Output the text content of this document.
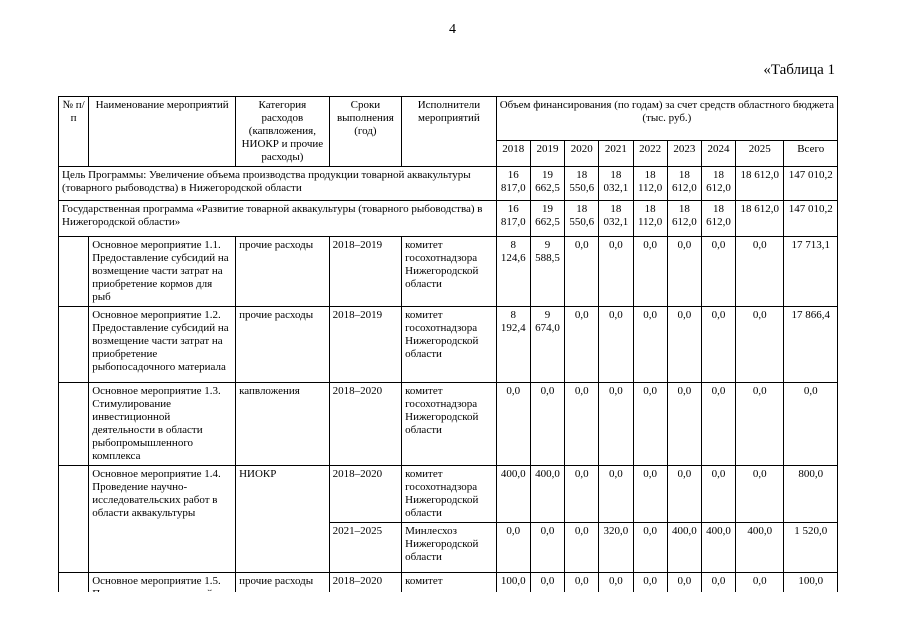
4
«Таблица 1
№ п/п	Наименование мероприятий	Категория расходов (капвложения, НИОКР и прочие расходы)	Сроки выполнения (год)	Исполнители мероприятий	Объем финансирования (по годам) за счет средств областного бюджета (тыс. руб.)								
					2018	2019	2020	2021	2022	2023	2024	2025	Всего
Цель Программы: Увеличение объема производства продукции товарной аквакультуры (товарного рыбоводства) в Нижегородской области					16 817,0	19 662,5	18 550,6	18 032,1	18 112,0	18 612,0	18 612,0	18 612,0	147 010,2
Государственная программа «Развитие товарной аквакультуры (товарного рыбоводства) в Нижегородской области»					16 817,0	19 662,5	18 550,6	18 032,1	18 112,0	18 612,0	18 612,0	18 612,0	147 010,2
	Основное мероприятие 1.1. Предоставление субсидий на возмещение части затрат на приобретение кормов для рыб	прочие расходы	2018–2019	комитет госохотнадзора Нижегородской области	8 124,6	9 588,5	0,0	0,0	0,0	0,0	0,0	0,0	17 713,1
	Основное мероприятие 1.2. Предоставление субсидий на возмещение части затрат на приобретение рыбопосадочного материала	прочие расходы	2018–2019	комитет госохотнадзора Нижегородской области	8 192,4	9 674,0	0,0	0,0	0,0	0,0	0,0	0,0	17 866,4
	Основное мероприятие 1.3. Стимулирование инвестиционной деятельности в области рыбопромышленного комплекса	капвложения	2018–2020	комитет госохотнадзора Нижегородской области	0,0	0,0	0,0	0,0	0,0	0,0	0,0	0,0	0,0
	Основное мероприятие 1.4. Проведение научно-исследовательских работ в области аквакультуры	НИОКР	2018–2020	комитет госохотнадзора Нижегородской области	400,0	400,0	0,0	0,0	0,0	0,0	0,0	0,0	800,0
			2021–2025	Минлесхоз Нижегородской области	0,0	0,0	0,0	320,0	0,0	400,0	400,0	400,0	1 520,0
	Основное мероприятие 1.5.	прочие расходы	2018–2020	комитет	100,0	0,0	0,0	0,0	0,0	0,0	0,0	0,0	100,0
